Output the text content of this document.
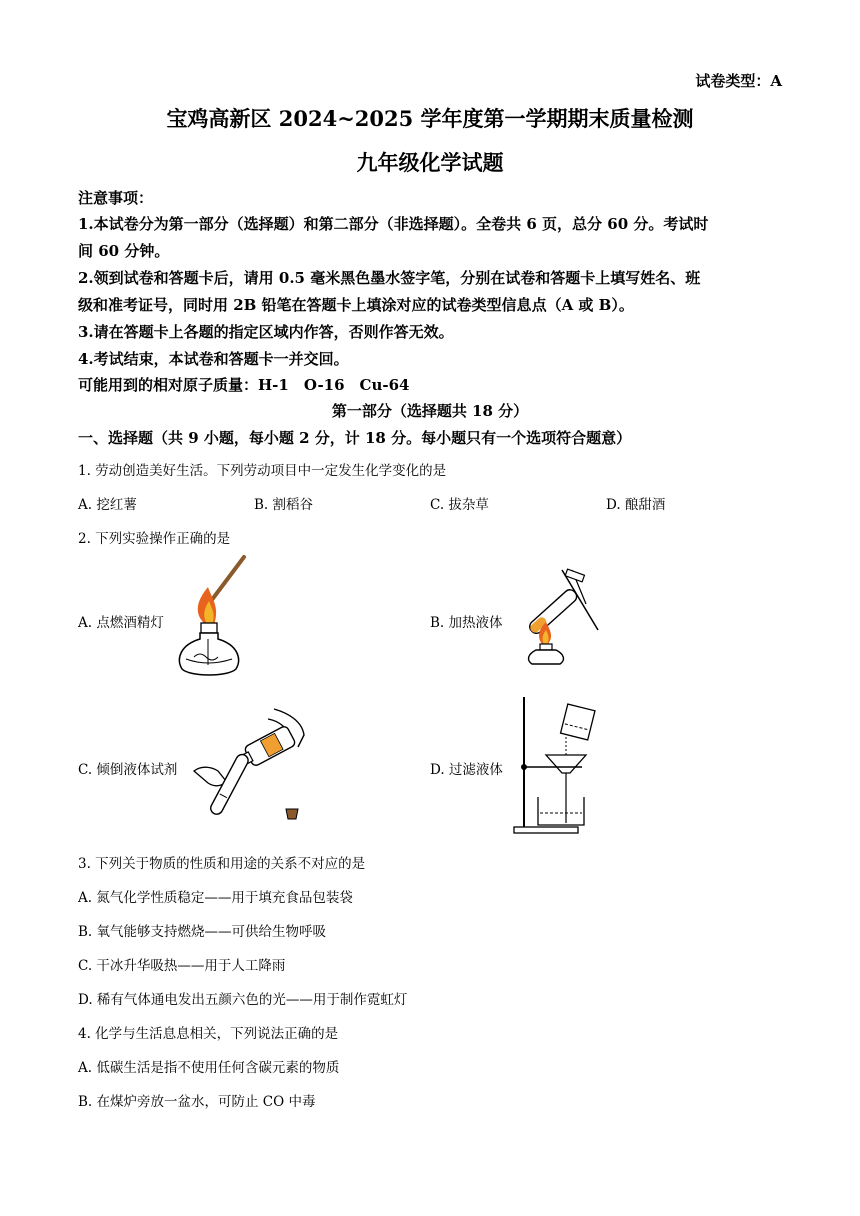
试卷类型：A
宝鸡高新区 2024~2025 学年度第一学期期末质量检测
九年级化学试题
注意事项：
1.本试卷分为第一部分（选择题）和第二部分（非选择题）。全卷共 6 页，总分 60 分。考试时
间 60 分钟。
2.领到试卷和答题卡后，请用 0.5 毫米黑色墨水签字笔，分别在试卷和答题卡上填写姓名、班
级和准考证号，同时用 2B 铅笔在答题卡上填涂对应的试卷类型信息点（A 或 B）。
3.请在答题卡上各题的指定区域内作答，否则作答无效。
4.考试结束，本试卷和答题卡一并交回。
可能用到的相对原子质量：H-1　O-16　Cu-64
第一部分（选择题共 18 分）
一、选择题（共 9 小题，每小题 2 分，计 18 分。每小题只有一个选项符合题意）
1. 劳动创造美好生活。下列劳动项目中一定发生化学变化的是
A. 挖红薯	B. 割稻谷	C. 拔杂草	D. 酿甜酒
2. 下列实验操作正确的是
A. 点燃酒精灯	B. 加热液体
C. 倾倒液体试剂	D. 过滤液体
3. 下列关于物质的性质和用途的关系不对应的是
A. 氮气化学性质稳定——用于填充食品包装袋
B. 氧气能够支持燃烧——可供给生物呼吸
C. 干冰升华吸热——用于人工降雨
D. 稀有气体通电发出五颜六色的光——用于制作霓虹灯
4. 化学与生活息息相关，下列说法正确的是
A. 低碳生活是指不使用任何含碳元素的物质
B. 在煤炉旁放一盆水，可防止 CO 中毒
